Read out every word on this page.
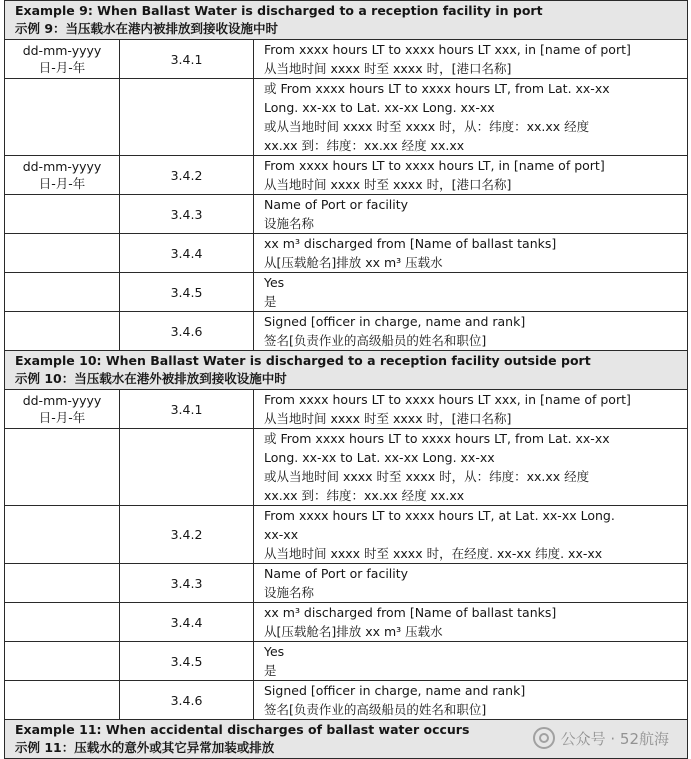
Example 9: When Ballast Water is discharged to a reception facility in port
示例 9：当压载水在港内被排放到接收设施中时		

dd-mm-yyyy
日-月-年	3.4.1	From xxxx hours LT to xxxx hours LT xxx, in [name of port]
从当地时间 xxxx 时至 xxxx 时，[港口名称]

		或 From xxxx hours LT to xxxx hours LT, from Lat. xx-xx
Long. xx-xx to Lat. xx-xx Long. xx-xx
或从当地时间 xxxx 时至 xxxx 时，从：纬度：xx.xx 经度
xx.xx 到：纬度：xx.xx 经度 xx.xx

dd-mm-yyyy
日-月-年	3.4.2	From xxxx hours LT to xxxx hours LT, in [name of port]
从当地时间 xxxx 时至 xxxx 时，[港口名称]

	3.4.3	Name of Port or facility
设施名称

	3.4.4	xx m³ discharged from [Name of ballast tanks]
从[压载舱名]排放 xx m³ 压载水

	3.4.5	Yes
是

	3.4.6	Signed [officer in charge, name and rank]
签名[负责作业的高级船员的姓名和职位]

Example 10: When Ballast Water is discharged to a reception facility outside port
示例 10：当压载水在港外被排放到接收设施中时		

dd-mm-yyyy
日-月-年	3.4.1	From xxxx hours LT to xxxx hours LT xxx, in [name of port]
从当地时间 xxxx 时至 xxxx 时，[港口名称]

		或 From xxxx hours LT to xxxx hours LT, from Lat. xx-xx
Long. xx-xx to Lat. xx-xx Long. xx-xx
或从当地时间 xxxx 时至 xxxx 时，从：纬度：xx.xx 经度
xx.xx 到：纬度：xx.xx 经度 xx.xx

	3.4.2	From xxxx hours LT to xxxx hours LT, at Lat. xx-xx Long.
xx-xx
从当地时间 xxxx 时至 xxxx 时，在经度. xx-xx 纬度. xx-xx

	3.4.3	Name of Port or facility
设施名称

	3.4.4	xx m³ discharged from [Name of ballast tanks]
从[压载舱名]排放 xx m³ 压载水

	3.4.5	Yes
是

	3.4.6	Signed [officer in charge, name and rank]
签名[负责作业的高级船员的姓名和职位]

Example 11: When accidental discharges of ballast water occurs
示例 11：压载水的意外或其它异常加装或排放			公众号 · 52航海
